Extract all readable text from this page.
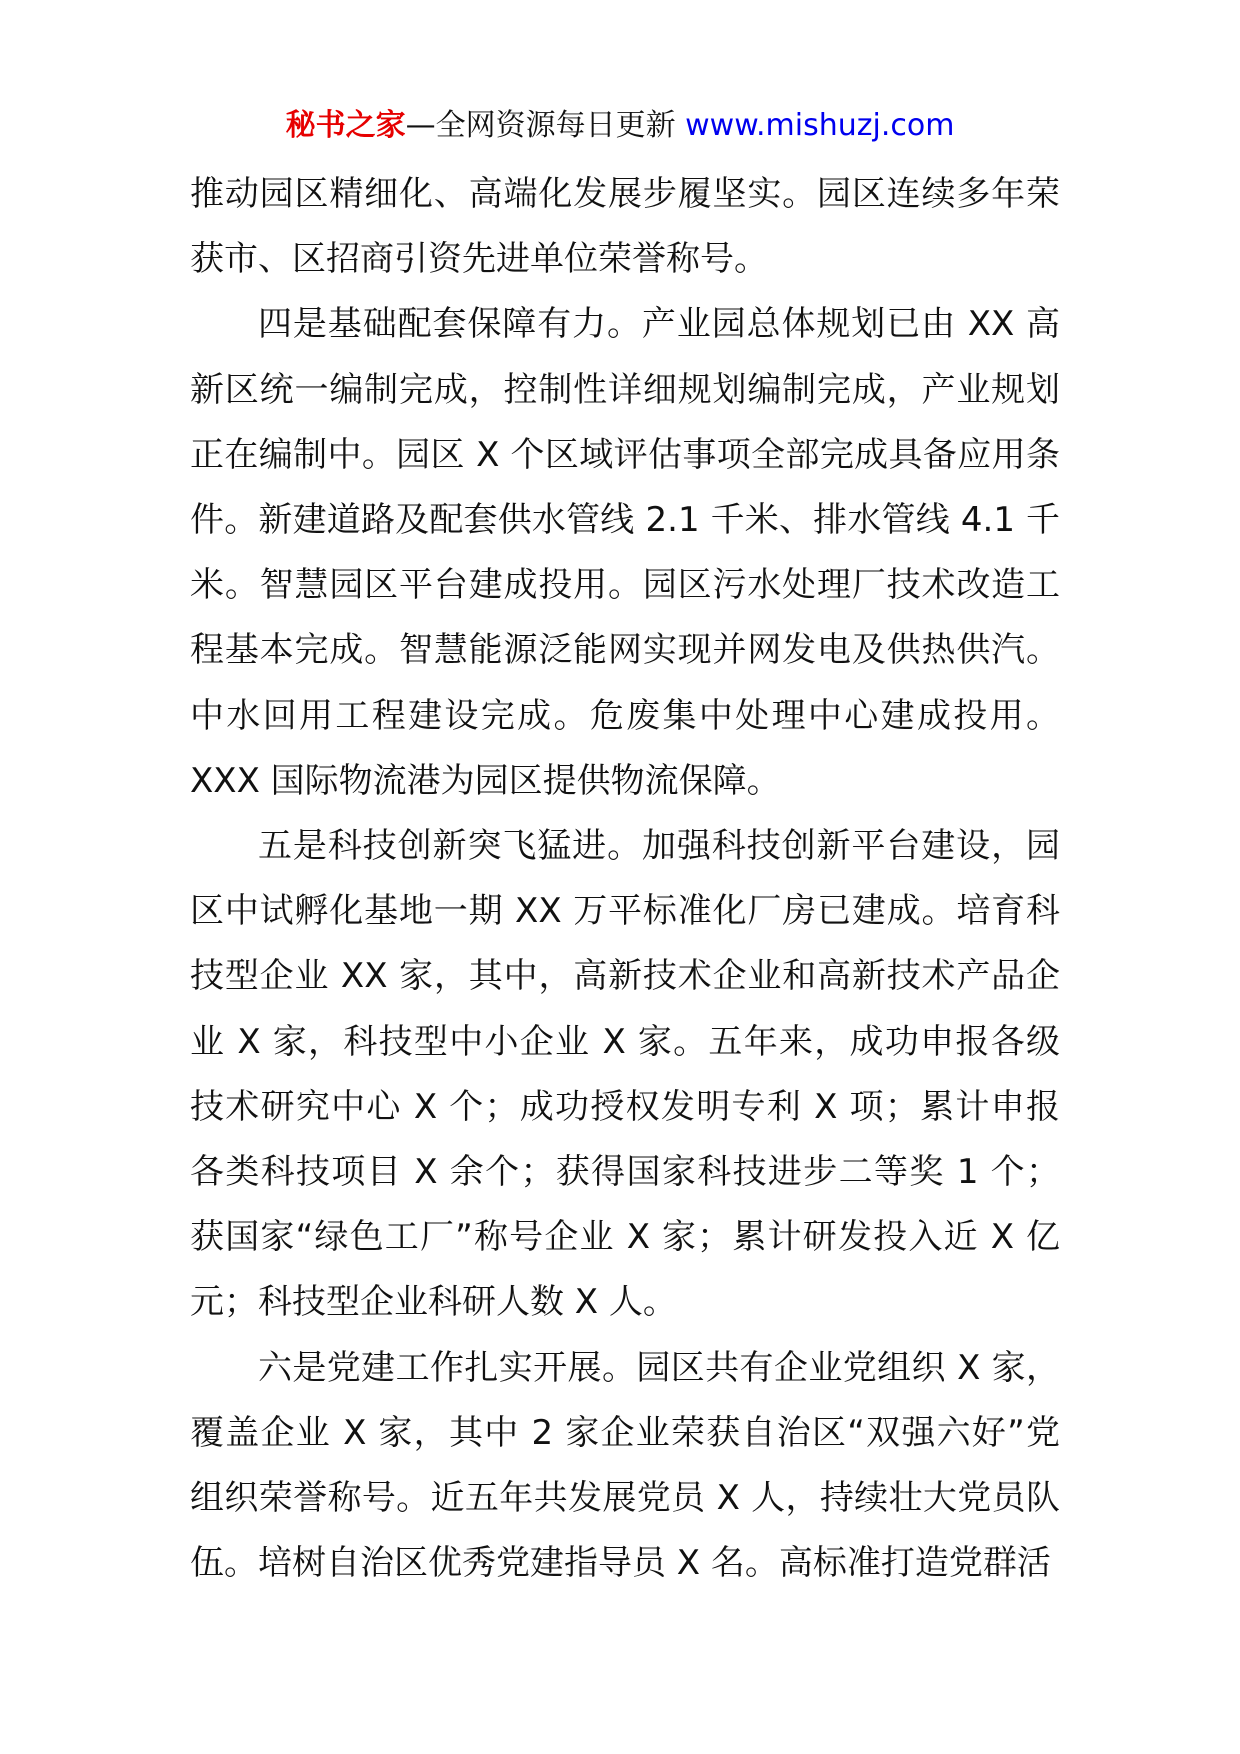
秘书之家—全网资源每日更新 www.mishuzj.com

推动园区精细化、高端化发展步履坚实。园区连续多年荣获市、区招商引资先进单位荣誉称号。

四是基础配套保障有力。产业园总体规划已由 XX 高新区统一编制完成，控制性详细规划编制完成，产业规划正在编制中。园区 X 个区域评估事项全部完成具备应用条件。新建道路及配套供水管线 2.1 千米、排水管线 4.1 千米。智慧园区平台建成投用。园区污水处理厂技术改造工程基本完成。智慧能源泛能网实现并网发电及供热供汽。中水回用工程建设完成。危废集中处理中心建成投用。XXX 国际物流港为园区提供物流保障。

五是科技创新突飞猛进。加强科技创新平台建设，园区中试孵化基地一期 XX 万平标准化厂房已建成。培育科技型企业 XX 家，其中，高新技术企业和高新技术产品企业 X 家，科技型中小企业 X 家。五年来，成功申报各级技术研究中心 X 个；成功授权发明专利 X 项；累计申报各类科技项目 X 余个；获得国家科技进步二等奖 1 个；获国家“绿色工厂”称号企业 X 家；累计研发投入近 X 亿元；科技型企业科研人数 X 人。

六是党建工作扎实开展。园区共有企业党组织 X 家，覆盖企业 X 家，其中 2 家企业荣获自治区“双强六好”党组织荣誉称号。近五年共发展党员 X 人，持续壮大党员队伍。培树自治区优秀党建指导员 X 名。高标准打造党群活
